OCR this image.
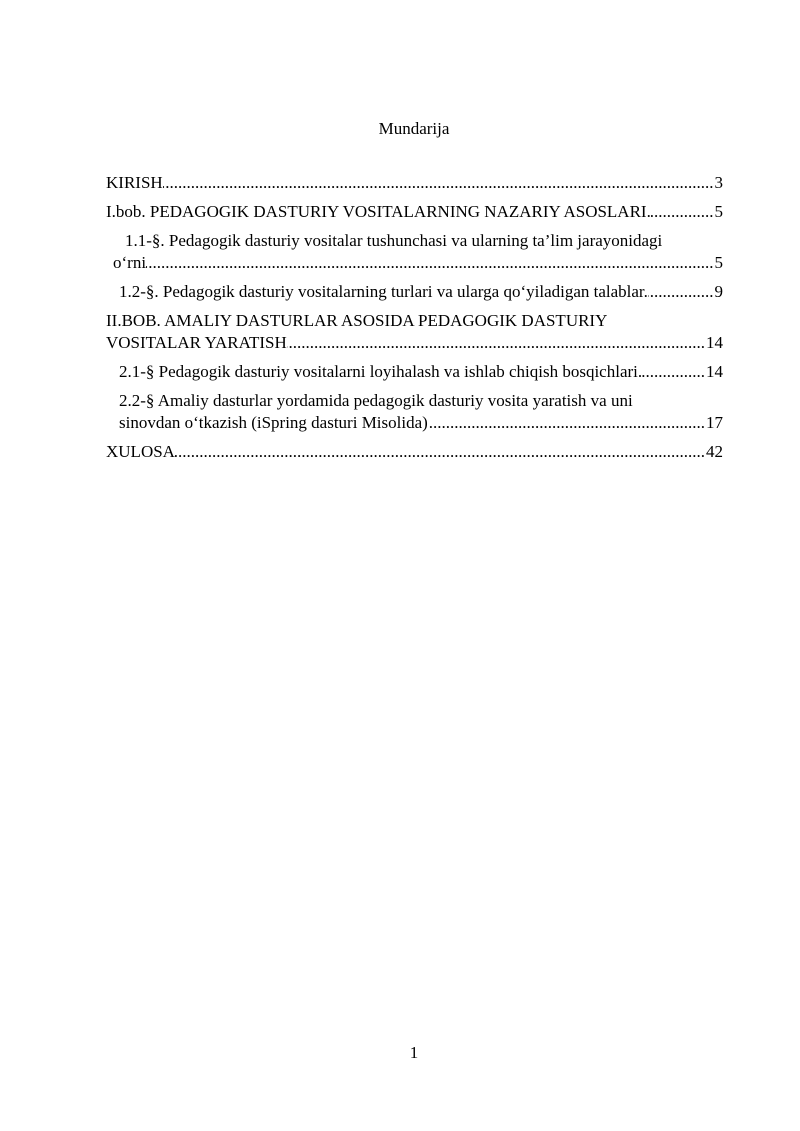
Mundarija
KIRISH .....	3
I.bob. PEDAGOGIK DASTURIY VOSITALARNING NAZARIY ASOSLARI. .....	5
1.1-§. Pedagogik dasturiy vositalar tushunchasi va ularning ta’lim jarayonidagi
o‘rni
.....	5
1.2-§. Pedagogik dasturiy vositalarning turlari va ularga qo‘yiladigan talablar. .....	9
II.BOB. AMALIY DASTURLAR ASOSIDA PEDAGOGIK DASTURIY
VOSITALAR YARATISH
.....	14
2.1-§ Pedagogik dasturiy vositalarni loyihalash va ishlab chiqish bosqichlari. .....	14
2.2-§ Amaliy dasturlar yordamida pedagogik dasturiy vosita yaratish va uni
sinovdan o‘tkazish (iSpring dasturi Misolida)
.....	17
XULOSA .....	42
1
